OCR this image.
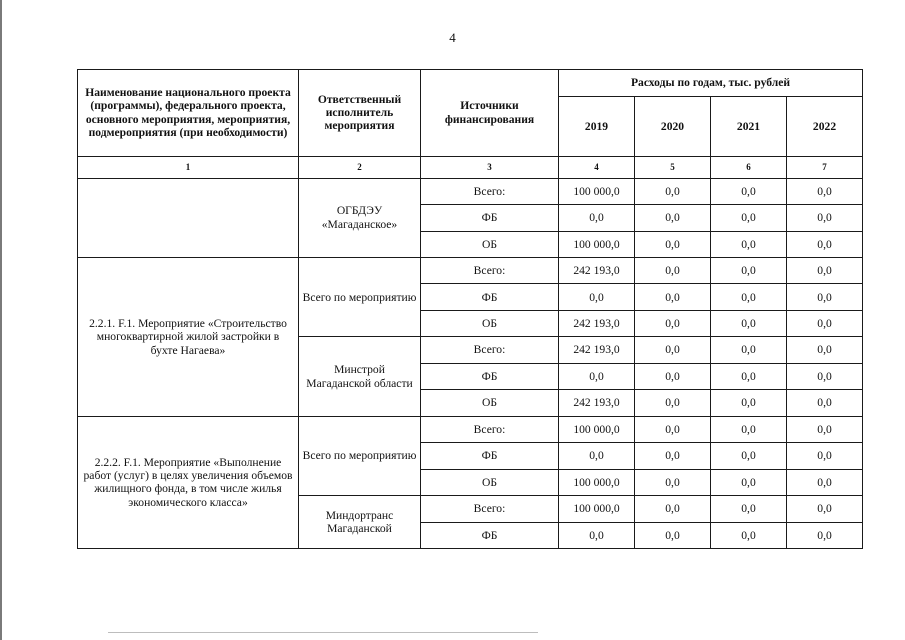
4
Наименование национального проекта (программы), федерального проекта, основного мероприятия, мероприятия, подмероприятия (при необходимости)	Ответственный исполнитель мероприятия	Источники финансирования	Расходы по годам, тыс. рублей			
			2019	2020	2021	2022
1	2	3	4	5	6	7
	ОГБДЭУ «Магаданское»	Всего:	100 000,0	0,0	0,0	0,0
		ФБ	0,0	0,0	0,0	0,0
		ОБ	100 000,0	0,0	0,0	0,0
2.2.1. F.1. Мероприятие «Строительство многоквартирной жилой застройки в бухте Нагаева»	Всего по мероприятию	Всего:	242 193,0	0,0	0,0	0,0
		ФБ	0,0	0,0	0,0	0,0
		ОБ	242 193,0	0,0	0,0	0,0
	Минстрой Магаданской области	Всего:	242 193,0	0,0	0,0	0,0
		ФБ	0,0	0,0	0,0	0,0
		ОБ	242 193,0	0,0	0,0	0,0
2.2.2. F.1. Мероприятие «Выполнение работ (услуг) в целях увеличения объемов жилищного фонда, в том числе жилья экономического класса»	Всего по мероприятию	Всего:	100 000,0	0,0	0,0	0,0
		ФБ	0,0	0,0	0,0	0,0
		ОБ	100 000,0	0,0	0,0	0,0
	Миндортранс Магаданской	Всего:	100 000,0	0,0	0,0	0,0
		ФБ	0,0	0,0	0,0	0,0
